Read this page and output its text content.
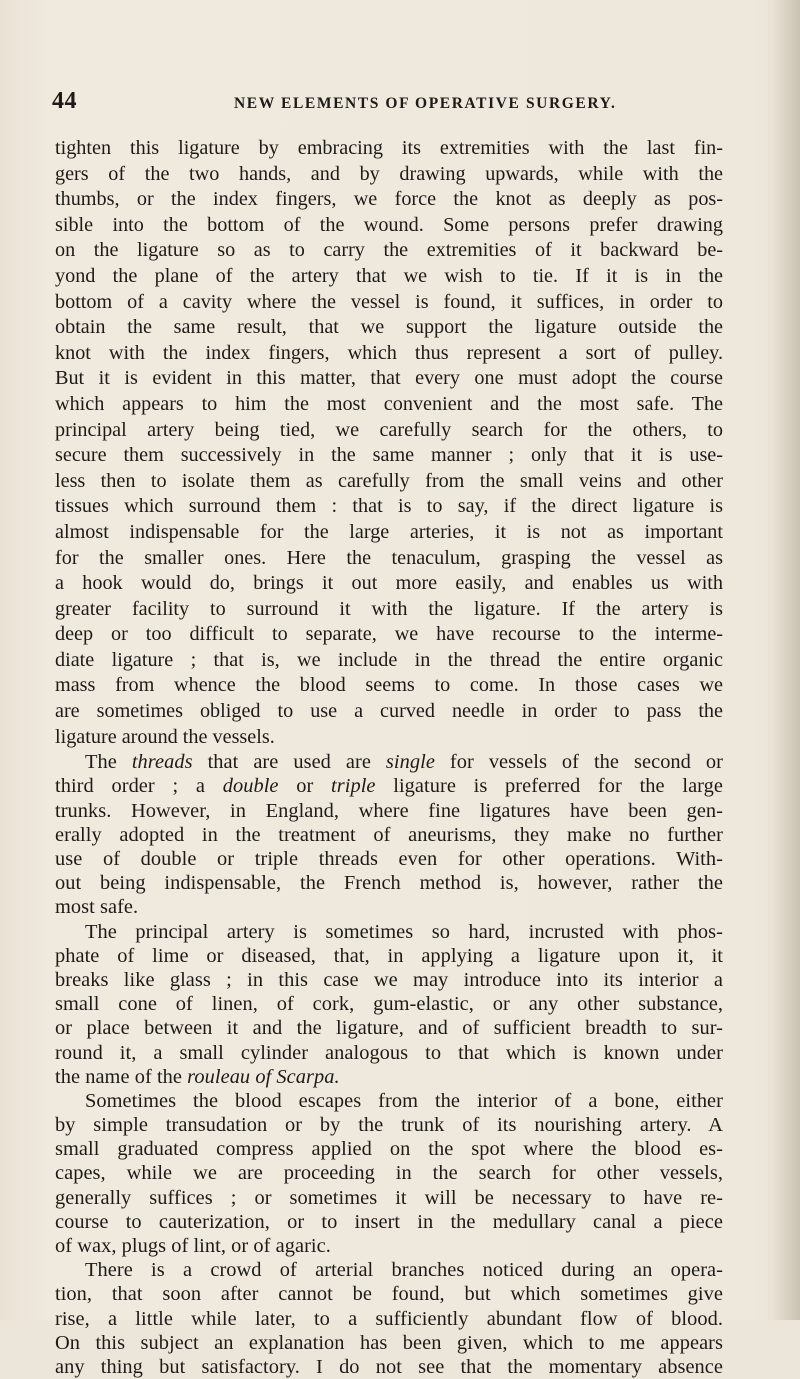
44	NEW ELEMENTS OF OPERATIVE SURGERY.
tighten this ligature by embracing its extremities with the last fin-
gers of the two hands, and by drawing upwards, while with the
thumbs, or the index fingers, we force the knot as deeply as pos-
sible into the bottom of the wound. Some persons prefer drawing
on the ligature so as to carry the extremities of it backward be-
yond the plane of the artery that we wish to tie. If it is in the
bottom of a cavity where the vessel is found, it suffices, in order to
obtain the same result, that we support the ligature outside the
knot with the index fingers, which thus represent a sort of pulley.
But it is evident in this matter, that every one must adopt the course
which appears to him the most convenient and the most safe. The
principal artery being tied, we carefully search for the others, to
secure them successively in the same manner ; only that it is use-
less then to isolate them as carefully from the small veins and other
tissues which surround them : that is to say, if the direct ligature is
almost indispensable for the large arteries, it is not as important
for the smaller ones. Here the tenaculum, grasping the vessel as
a hook would do, brings it out more easily, and enables us with
greater facility to surround it with the ligature. If the artery is
deep or too difficult to separate, we have recourse to the interme-
diate ligature ; that is, we include in the thread the entire organic
mass from whence the blood seems to come. In those cases we
are sometimes obliged to use a curved needle in order to pass the
ligature around the vessels.
The threads that are used are single for vessels of the second or
third order ; a double or triple ligature is preferred for the large
trunks. However, in England, where fine ligatures have been gen-
erally adopted in the treatment of aneurisms, they make no further
use of double or triple threads even for other operations. With-
out being indispensable, the French method is, however, rather the
most safe.
The principal artery is sometimes so hard, incrusted with phos-
phate of lime or diseased, that, in applying a ligature upon it, it
breaks like glass ; in this case we may introduce into its interior a
small cone of linen, of cork, gum-elastic, or any other substance,
or place between it and the ligature, and of sufficient breadth to sur-
round it, a small cylinder analogous to that which is known under
the name of the rouleau of Scarpa.
Sometimes the blood escapes from the interior of a bone, either
by simple transudation or by the trunk of its nourishing artery. A
small graduated compress applied on the spot where the blood es-
capes, while we are proceeding in the search for other vessels,
generally suffices ; or sometimes it will be necessary to have re-
course to cauterization, or to insert in the medullary canal a piece
of wax, plugs of lint, or of agaric.
There is a crowd of arterial branches noticed during an opera-
tion, that soon after cannot be found, but which sometimes give
rise, a little while later, to a sufficiently abundant flow of blood.
On this subject an explanation has been given, which to me appears
any thing but satisfactory. I do not see that the momentary absence
